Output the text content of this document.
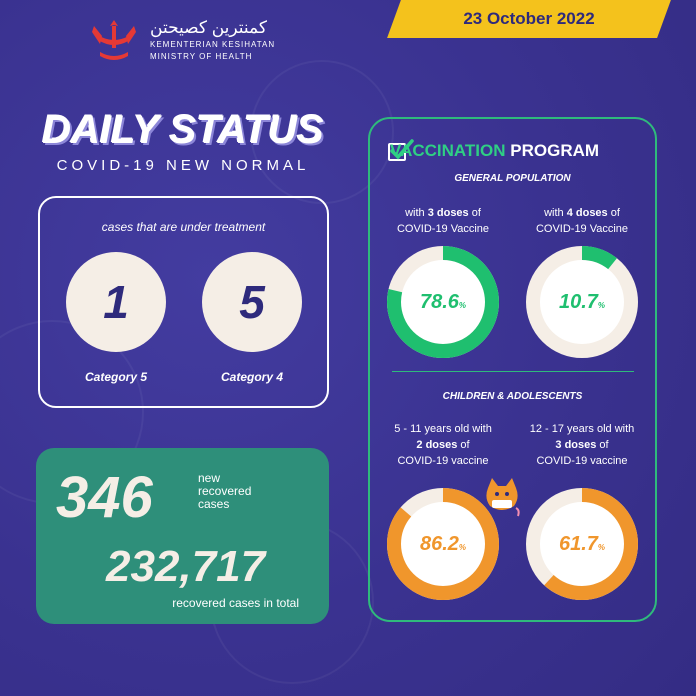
كمنترين كصيحتن
KEMENTERIAN KESIHATAN
MINISTRY OF HEALTH
23 October 2022
DAILY STATUS
COVID-19 NEW NORMAL
cases that are under treatment
1
Category 5
5
Category 4
346	new
recovered
cases
232,717
recovered cases in total
VACCINATION PROGRAM
GENERAL POPULATION
with 3 doses of
COVID-19 Vaccine
with 4 doses of
COVID-19 Vaccine
78.6%	10.7%
CHILDREN & ADOLESCENTS
5 - 11 years old with
2 doses of
COVID-19 vaccine
12 - 17 years old with
3 doses of
COVID-19 vaccine
86.2%	61.7%
